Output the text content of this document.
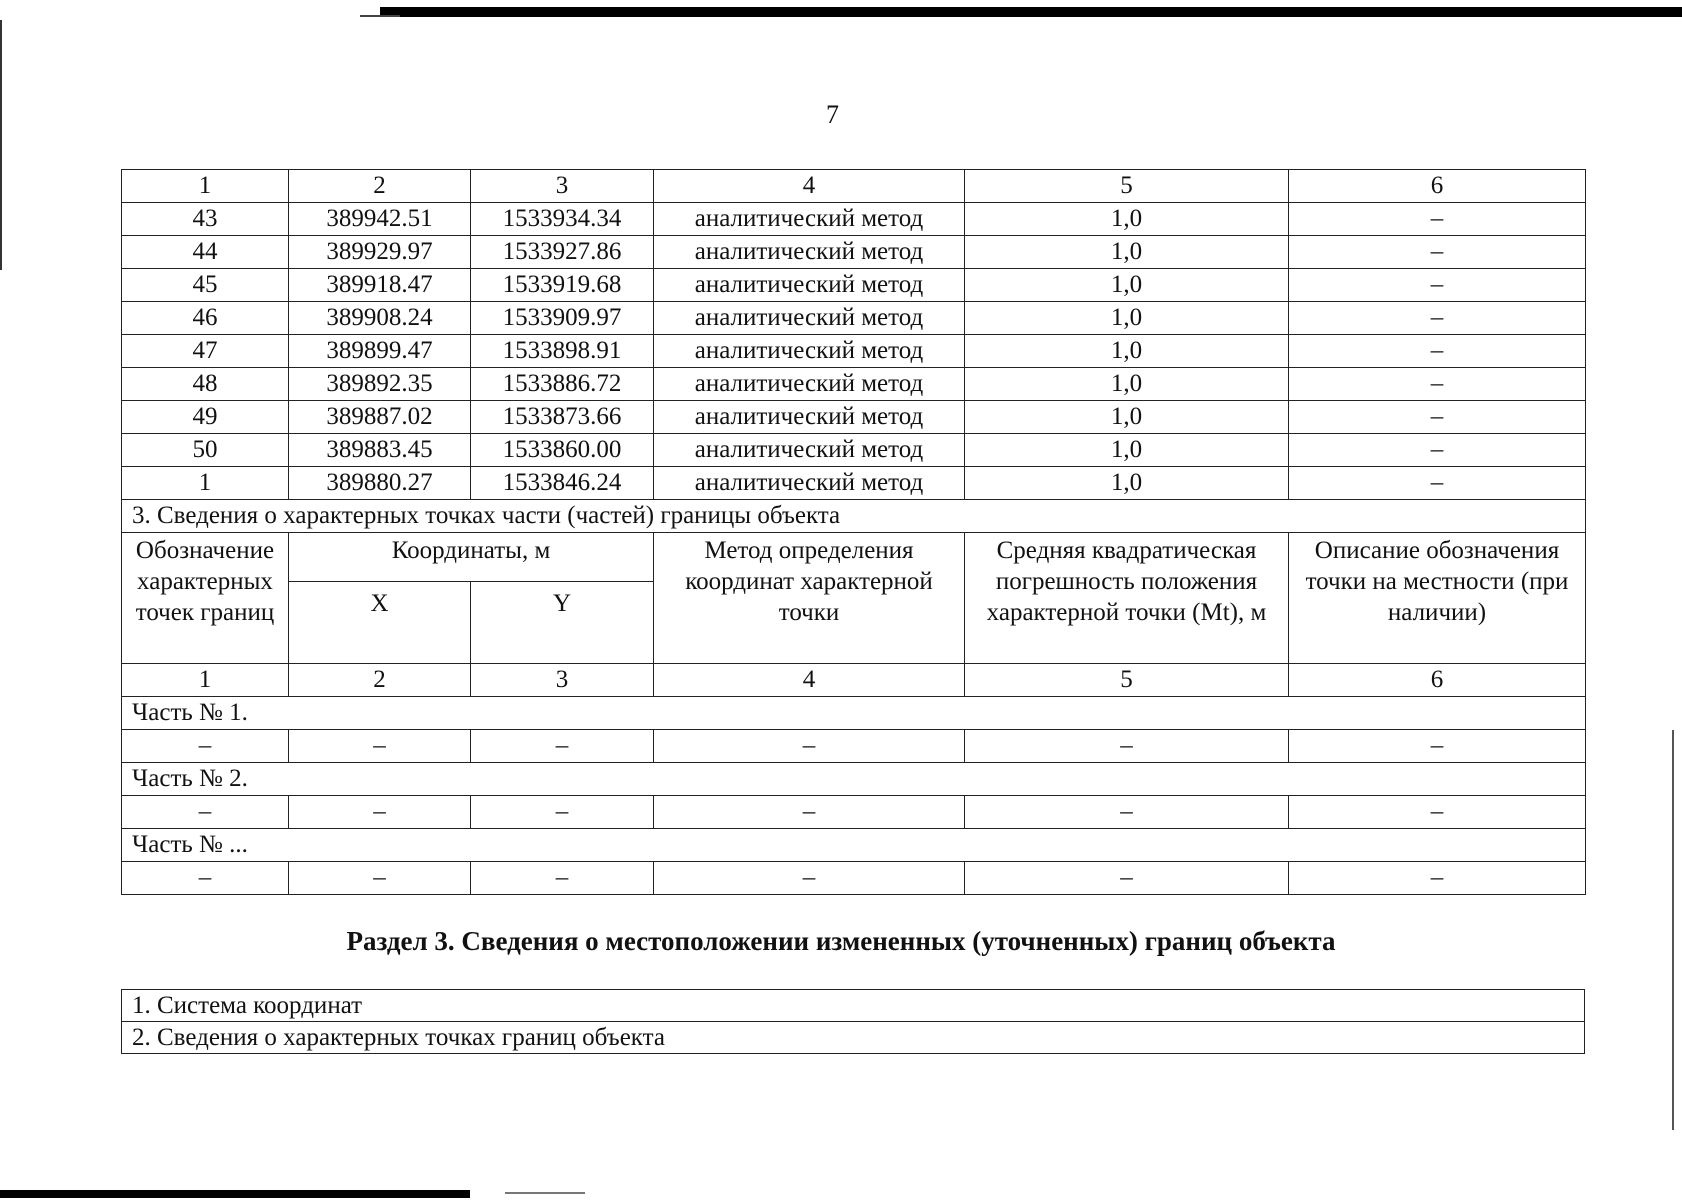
7
1	2	3	4	5	6
43	389942.51	1533934.34	аналитический метод	1,0	–
44	389929.97	1533927.86	аналитический метод	1,0	–
45	389918.47	1533919.68	аналитический метод	1,0	–
46	389908.24	1533909.97	аналитический метод	1,0	–
47	389899.47	1533898.91	аналитический метод	1,0	–
48	389892.35	1533886.72	аналитический метод	1,0	–
49	389887.02	1533873.66	аналитический метод	1,0	–
50	389883.45	1533860.00	аналитический метод	1,0	–
1	389880.27	1533846.24	аналитический метод	1,0	–
3. Сведения о характерных точках части (частей) границы объекта					
Обозначение характерных точек границ	Координаты, м		Метод определения координат характерной точки	Средняя квадратическая погрешность положения характерной точки (Mt), м	Описание обозначения точки на местности (при наличии)
	X	Y			
1	2	3	4	5	6
Часть № 1.					
–	–	–	–	–	–
Часть № 2.					
–	–	–	–	–	–
Часть № ...					
–	–	–	–	–	–
Раздел 3. Сведения о местоположении измененных (уточненных) границ объекта
1. Система координат
2. Сведения о характерных точках границ объекта
